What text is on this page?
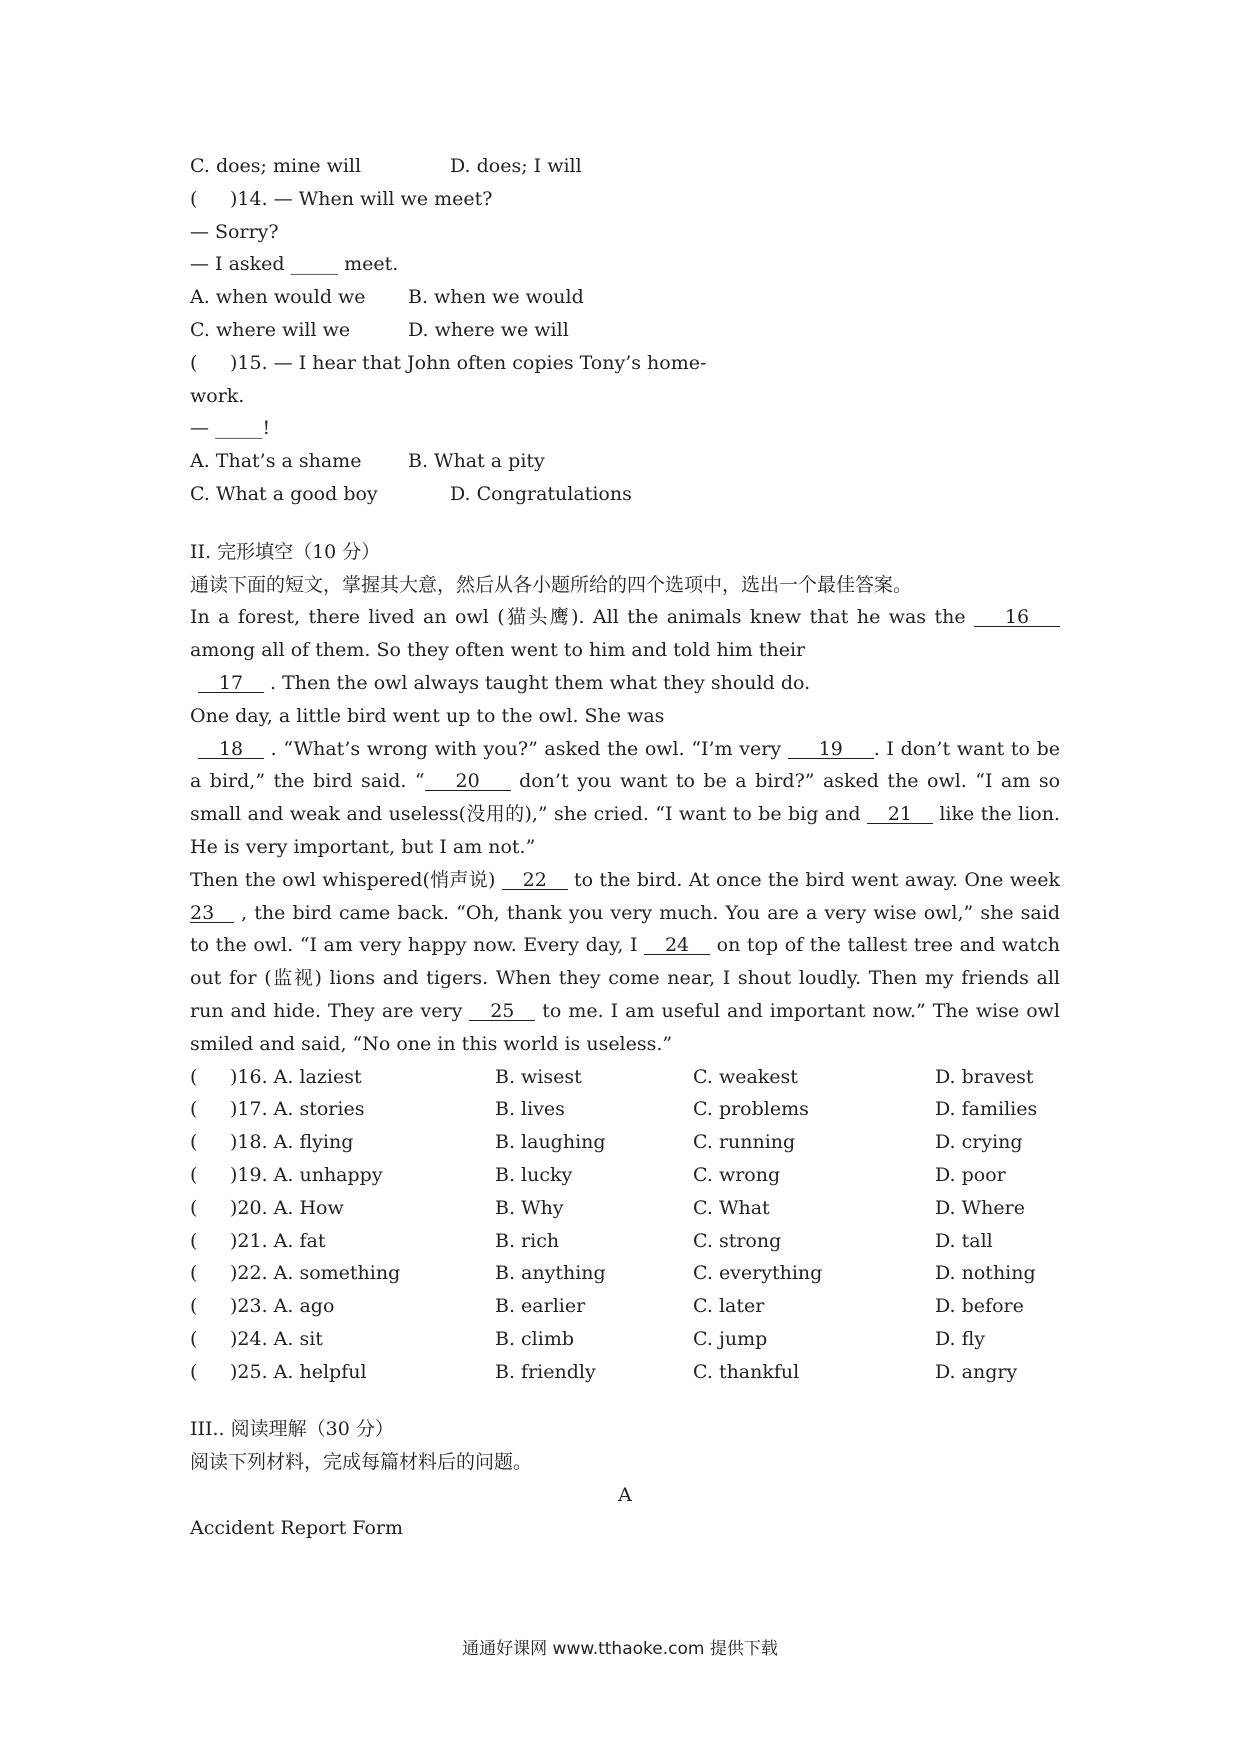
C. does; mine will	D. does; I will
( )14. — When will we meet?
— Sorry?
— I asked _____ meet.
A. when would we B. when we would
C. where will we	D. where we will
( )15. — I hear that John often copies Tony’s home-
work.
— _____!
A. That’s a shame B. What a pity
C. What a good boy	D. Congratulations
II. 完形填空（10 分）
通读下面的短文，掌握其大意，然后从各小题所给的四个选项中，选出一个最佳答案。
In a forest, there lived an owl (猫头鹰). All the animals knew that he was the 16 among all of them. So they often went to him and told him their
17 . Then the owl always taught them what they should do.
One day, a little bird went up to the owl. She was
18 . “What’s wrong with you?” asked the owl. “I’m very 19 . I don’t want to be a bird,” the bird said. “ 20 don’t you want to be a bird?” asked the owl. “I am so small and weak and useless(没用的),” she cried. “I want to be big and 21 like the lion. He is very important, but I am not.”
Then the owl whispered(悄声说) 22 to the bird. At once the bird went away. One week 23 , the bird came back. “Oh, thank you very much. You are a very wise owl,” she said to the owl. “I am very happy now. Every day, I 24 on top of the tallest tree and watch out for (监视) lions and tigers. When they come near, I shout loudly. Then my friends all run and hide. They are very 25 to me. I am useful and important now.” The wise owl smiled and said, “No one in this world is useless.”
( )16. A. laziest	B. wisest	C. weakest	D. bravest
( )17. A. stories	B. lives	C. problems	D. families
( )18. A. flying	B. laughing	C. running	D. crying
( )19. A. unhappy	B. lucky	C. wrong	D. poor
( )20. A. How	B. Why	C. What	D. Where
( )21. A. fat	B. rich	C. strong	D. tall
( )22. A. something	B. anything	C. everything	D. nothing
( )23. A. ago	B. earlier	C. later	D. before
( )24. A. sit	B. climb	C. jump	D. fly
( )25. A. helpful	B. friendly	C. thankful	D. angry
III.. 阅读理解（30 分）
阅读下列材料，完成每篇材料后的问题。
A
Accident Report Form
通通好课网 www.tthaoke.com 提供下载
